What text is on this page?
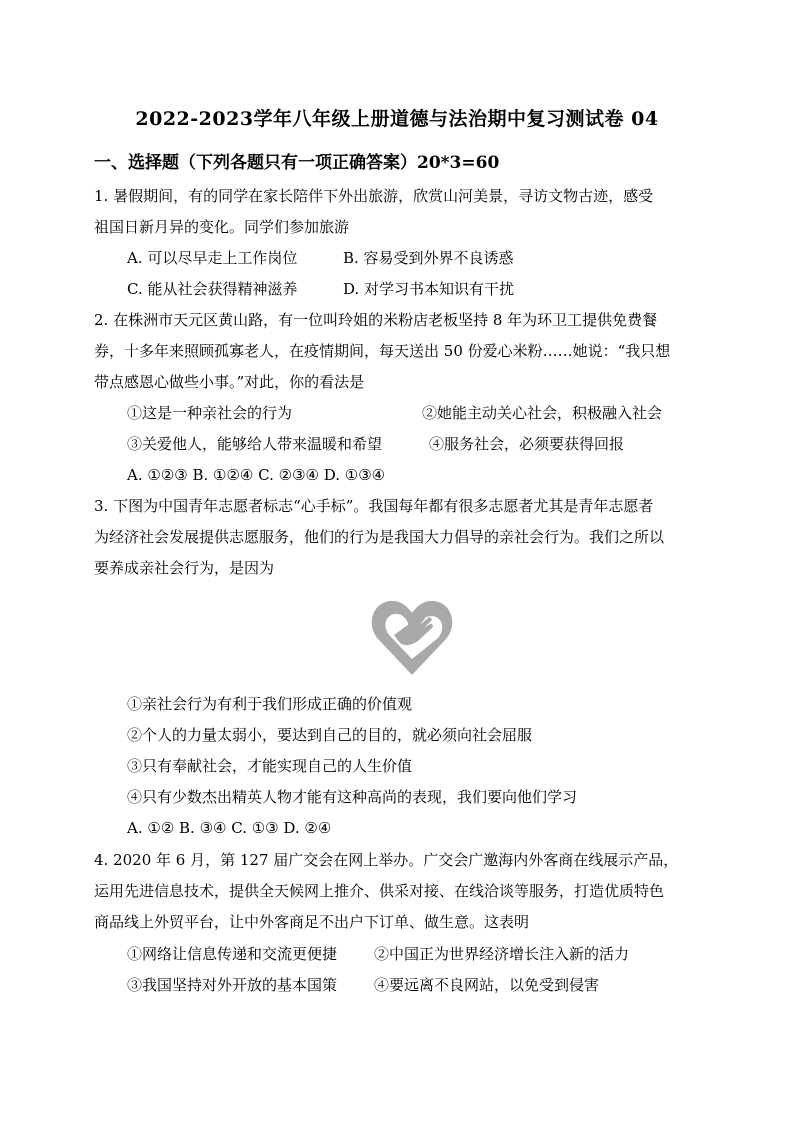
2022-2023学年八年级上册道德与法治期中复习测试卷 04
一、选择题（下列各题只有一项正确答案）20*3=60
1. 暑假期间，有的同学在家长陪伴下外出旅游，欣赏山河美景，寻访文物古迹，感受
祖国日新月异的变化。同学们参加旅游
A. 可以尽早走上工作岗位	B. 容易受到外界不良诱惑
C. 能从社会获得精神滋养	D. 对学习书本知识有干扰
2. 在株洲市天元区黄山路，有一位叫玲姐的米粉店老板坚持 8 年为环卫工提供免费餐
券，十多年来照顾孤寡老人，在疫情期间，每天送出 50 份爱心米粉……她说：“我只想
带点感恩心做些小事。”对此，你的看法是
①这是一种亲社会的行为	②她能主动关心社会，积极融入社会
③关爱他人，能够给人带来温暖和希望	④服务社会，必须要获得回报
A. ①②③ B. ①②④ C. ②③④ D. ①③④
3. 下图为中国青年志愿者标志“心手标”。我国每年都有很多志愿者尤其是青年志愿者
为经济社会发展提供志愿服务，他们的行为是我国大力倡导的亲社会行为。我们之所以
要养成亲社会行为，是因为
①亲社会行为有利于我们形成正确的价值观
②个人的力量太弱小，要达到自己的目的，就必须向社会屈服
③只有奉献社会，才能实现自己的人生价值
④只有少数杰出精英人物才能有这种高尚的表现，我们要向他们学习
A. ①② B. ③④ C. ①③ D. ②④
4. 2020 年 6 月，第 127 届广交会在网上举办。广交会广邀海内外客商在线展示产品，
运用先进信息技术，提供全天候网上推介、供采对接、在线洽谈等服务，打造优质特色
商品线上外贸平台，让中外客商足不出户下订单、做生意。这表明
①网络让信息传递和交流更便捷 ②中国正为世界经济增长注入新的活力
③我国坚持对外开放的基本国策 ④要远离不良网站，以免受到侵害
